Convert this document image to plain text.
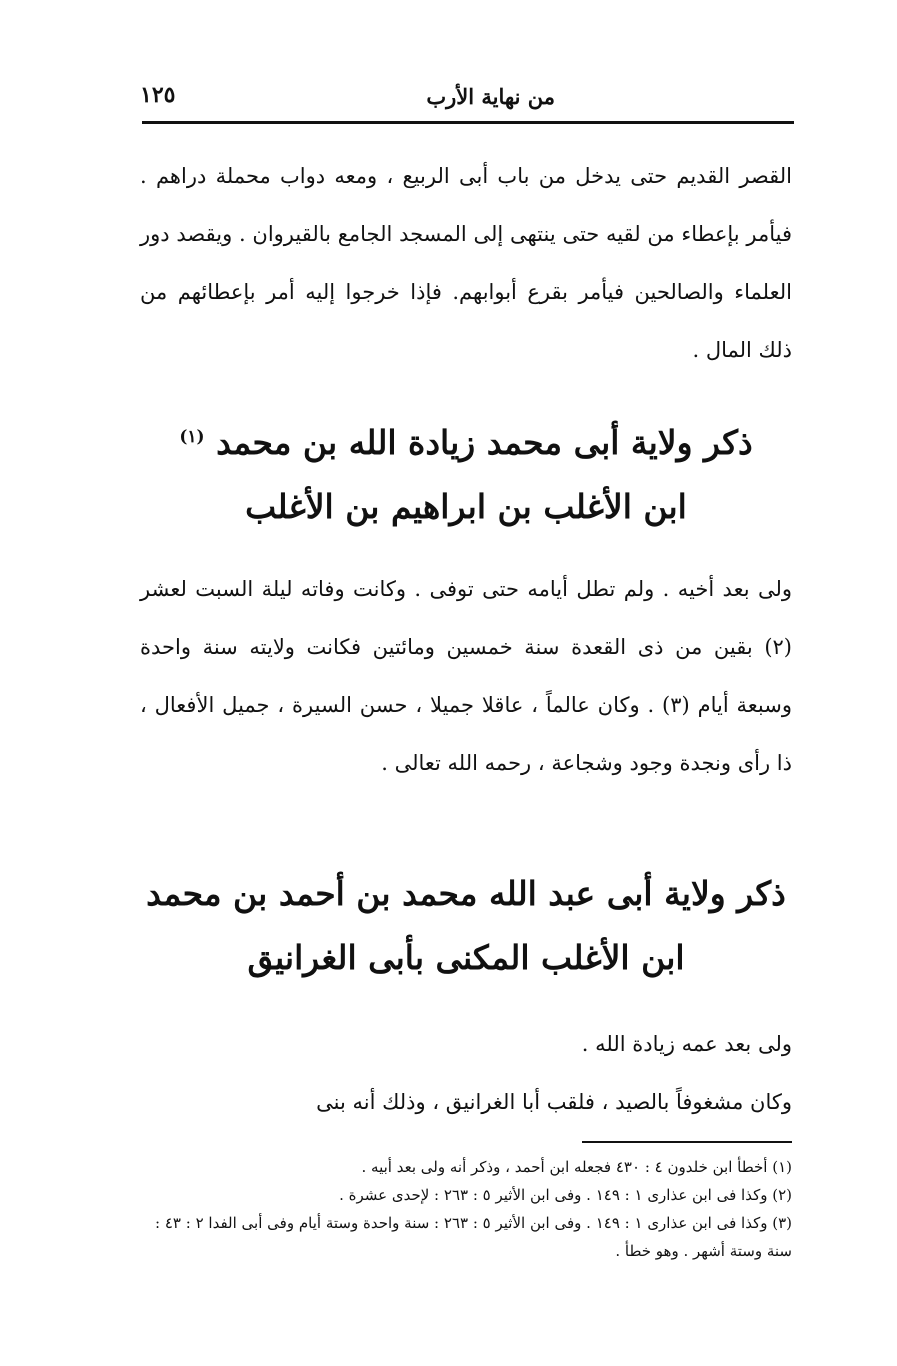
من نهاية الأرب
١٢٥

القصر القديم حتى يدخل من باب أبى الربيع ، ومعه دواب محملة دراهم . فيأمر بإعطاء من لقيه حتى ينتهى إلى المسجد الجامع بالقيروان . ويقصد دور العلماء والصالحين فيأمر بقرع أبوابهم. فإذا خرجوا إليه أمر بإعطائهم من ذلك المال .

ذكر ولاية أبى محمد زيادة الله بن محمد $^{(١)}$
ابن الأغلب بن ابراهيم بن الأغلب

ولى بعد أخيه . ولم تطل أيامه حتى توفى . وكانت وفاته ليلة السبت لعشر (٢) بقين من ذى القعدة سنة خمسين ومائتين فكانت ولايته سنة واحدة وسبعة أيام (٣) . وكان عالماً ، عاقلا جميلا ، حسن السيرة ، جميل الأفعال ، ذا رأى ونجدة وجود وشجاعة ، رحمه الله تعالى .

ذكر ولاية أبى عبد الله محمد بن أحمد بن محمد
ابن الأغلب المكنى بأبى الغرانيق

ولى بعد عمه زيادة الله .

وكان مشغوفاً بالصيد ، فلقب أبا الغرانيق ، وذلك أنه بنى

(١) أخطأ ابن خلدون ٤ : ٤٣٠ فجعله ابن أحمد ، وذكر أنه ولى بعد أبيه .
(٢) وكذا فى ابن عذارى ١ : ١٤٩ . وفى ابن الأثير ٥ : ٢٦٣ : لإحدى عشرة .
(٣) وكذا فى ابن عذارى ١ : ١٤٩ . وفى ابن الأثير ٥ : ٢٦٣ : سنة واحدة وستة أيام وفى أبى الفدا ٢ : ٤٣ : سنة وستة أشهر . وهو خطأ .
